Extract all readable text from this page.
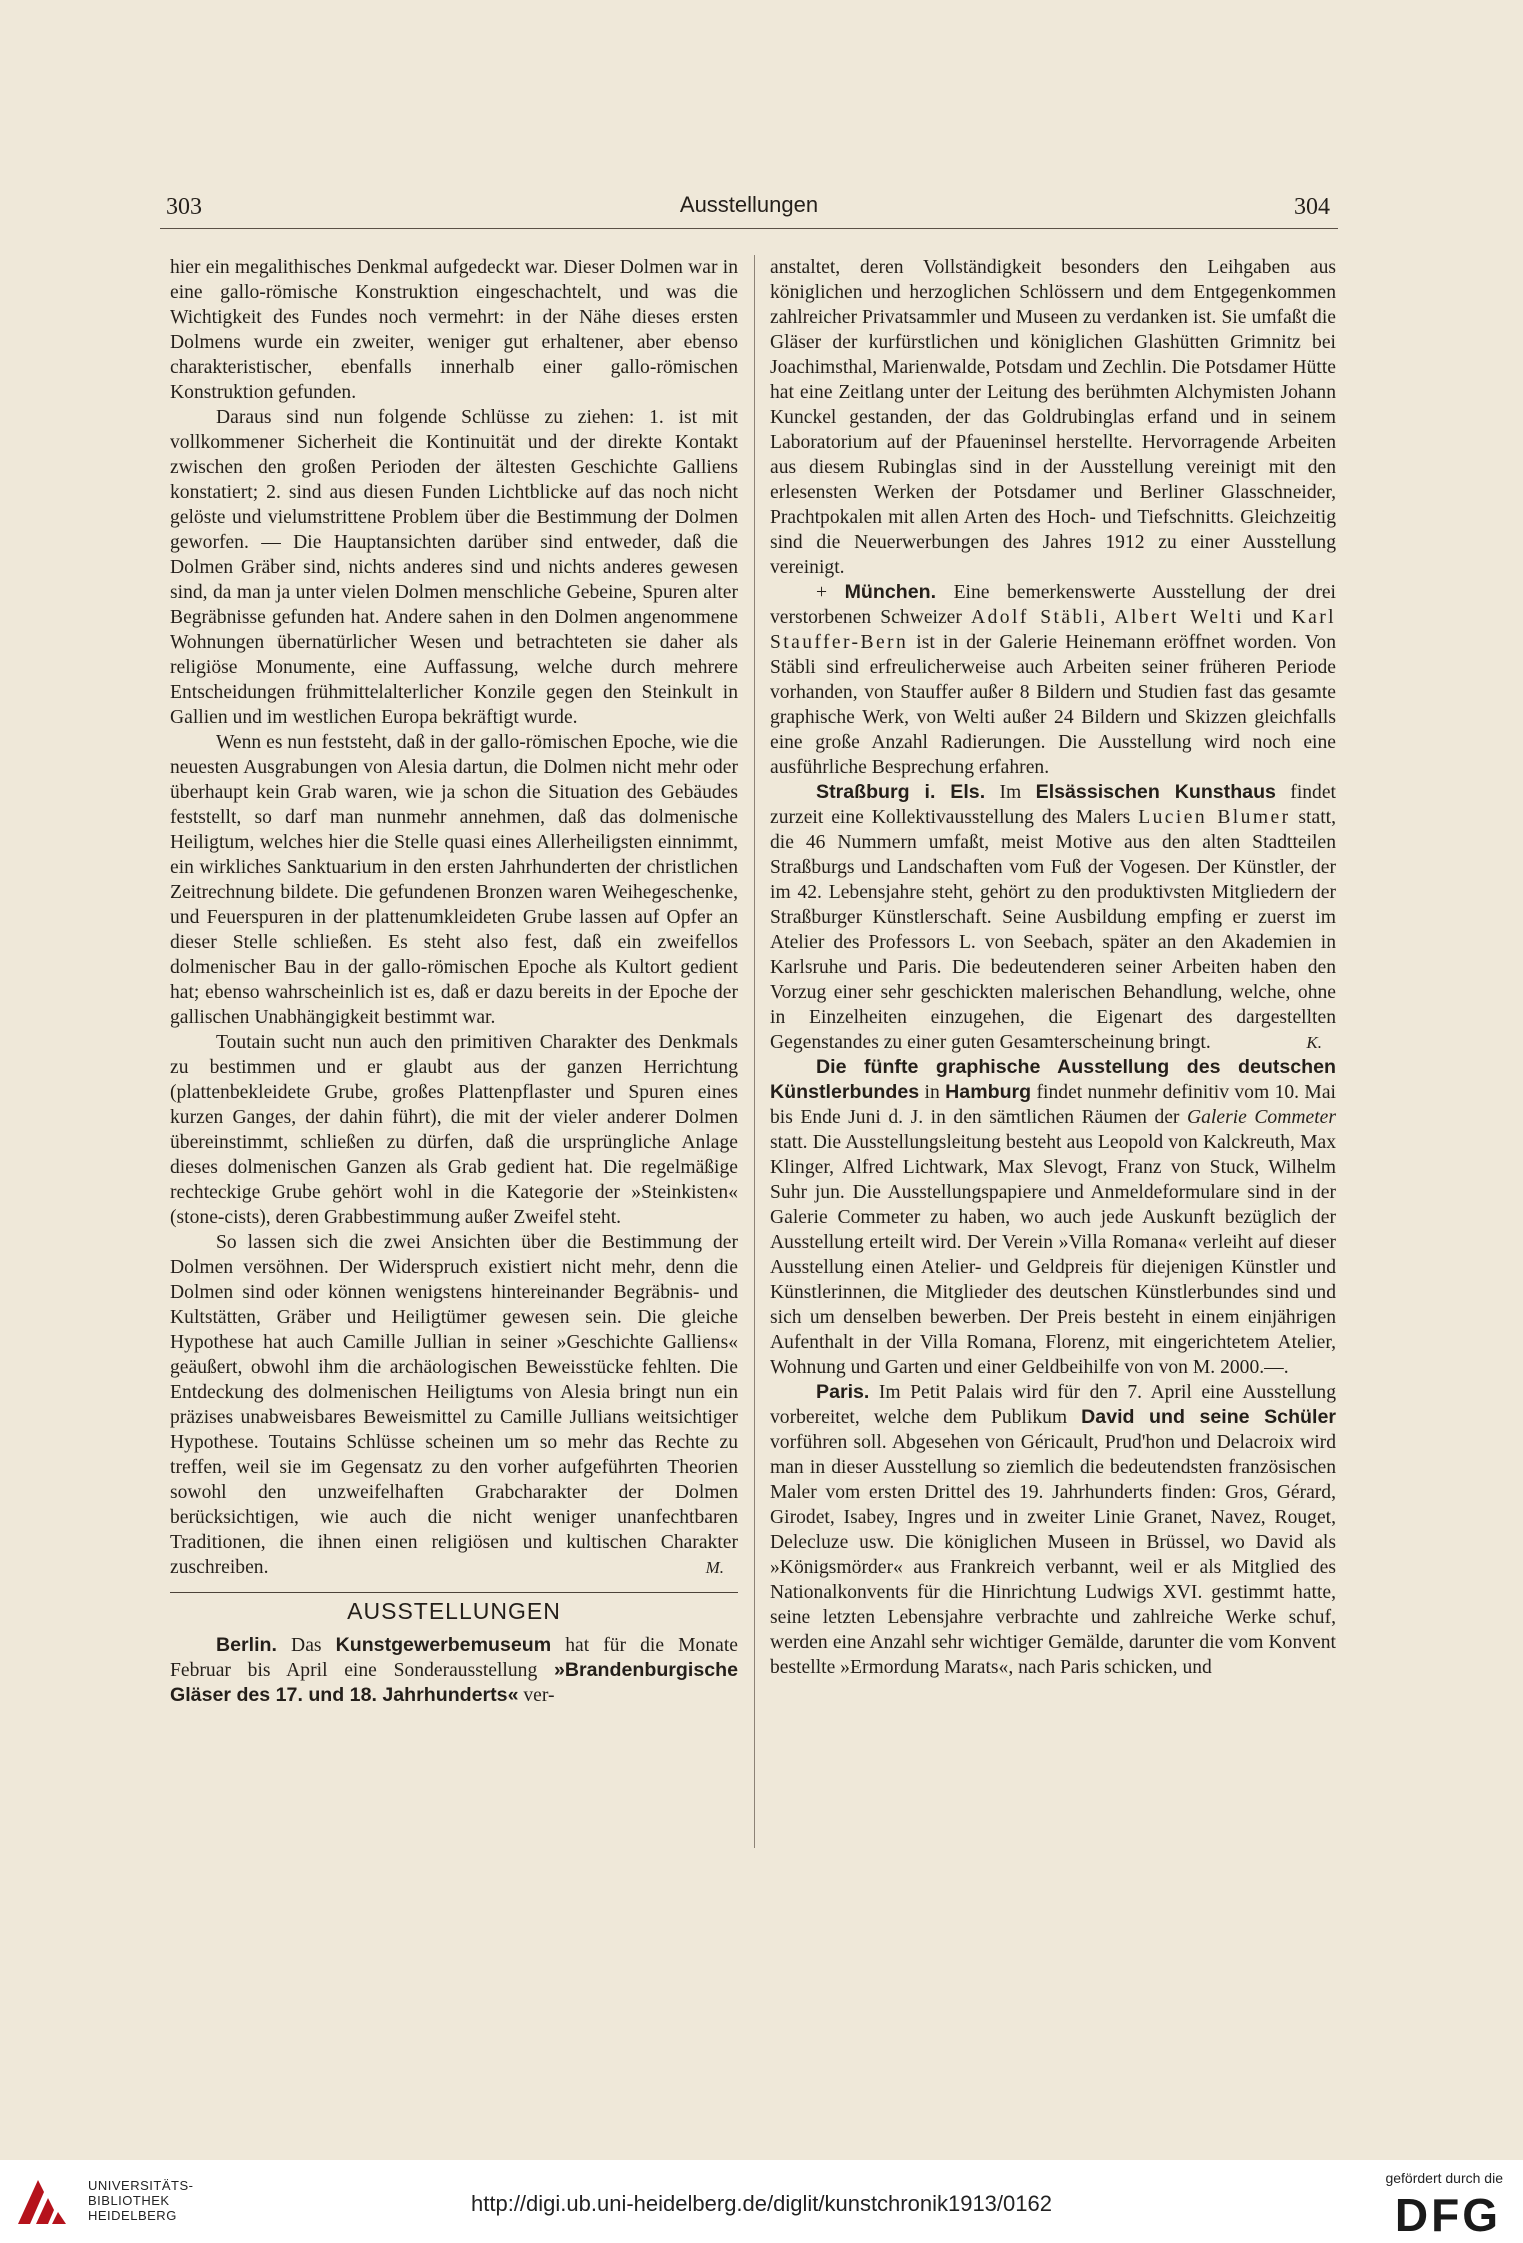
303	Ausstellungen	304

hier ein megalithisches Denkmal aufgedeckt war. Dieser Dolmen war in eine gallo-römische Konstruktion eingeschachtelt, und was die Wichtigkeit des Fundes noch vermehrt: in der Nähe dieses ersten Dolmens wurde ein zweiter, weniger gut erhaltener, aber ebenso charakteristischer, ebenfalls innerhalb einer gallo-römischen Konstruktion gefunden.

Daraus sind nun folgende Schlüsse zu ziehen: 1. ist mit vollkommener Sicherheit die Kontinuität und der direkte Kontakt zwischen den großen Perioden der ältesten Geschichte Galliens konstatiert; 2. sind aus diesen Funden Lichtblicke auf das noch nicht gelöste und vielumstrittene Problem über die Bestimmung der Dolmen geworfen. — Die Hauptansichten darüber sind entweder, daß die Dolmen Gräber sind, nichts anderes sind und nichts anderes gewesen sind, da man ja unter vielen Dolmen menschliche Gebeine, Spuren alter Begräbnisse gefunden hat. Andere sahen in den Dolmen angenommene Wohnungen übernatürlicher Wesen und betrachteten sie daher als religiöse Monumente, eine Auffassung, welche durch mehrere Entscheidungen frühmittelalterlicher Konzile gegen den Steinkult in Gallien und im westlichen Europa bekräftigt wurde.

Wenn es nun feststeht, daß in der gallo-römischen Epoche, wie die neuesten Ausgrabungen von Alesia dartun, die Dolmen nicht mehr oder überhaupt kein Grab waren, wie ja schon die Situation des Gebäudes feststellt, so darf man nunmehr annehmen, daß das dolmenische Heiligtum, welches hier die Stelle quasi eines Allerheiligsten einnimmt, ein wirkliches Sanktuarium in den ersten Jahrhunderten der christlichen Zeitrechnung bildete. Die gefundenen Bronzen waren Weihegeschenke, und Feuerspuren in der plattenumkleideten Grube lassen auf Opfer an dieser Stelle schließen. Es steht also fest, daß ein zweifellos dolmenischer Bau in der gallo-römischen Epoche als Kultort gedient hat; ebenso wahrscheinlich ist es, daß er dazu bereits in der Epoche der gallischen Unabhängigkeit bestimmt war.

Toutain sucht nun auch den primitiven Charakter des Denkmals zu bestimmen und er glaubt aus der ganzen Herrichtung (plattenbekleidete Grube, großes Plattenpflaster und Spuren eines kurzen Ganges, der dahin führt), die mit der vieler anderer Dolmen übereinstimmt, schließen zu dürfen, daß die ursprüngliche Anlage dieses dolmenischen Ganzen als Grab gedient hat. Die regelmäßige rechteckige Grube gehört wohl in die Kategorie der »Steinkisten« (stone-cists), deren Grabbestimmung außer Zweifel steht.

So lassen sich die zwei Ansichten über die Bestimmung der Dolmen versöhnen. Der Widerspruch existiert nicht mehr, denn die Dolmen sind oder können wenigstens hintereinander Begräbnis- und Kultstätten, Gräber und Heiligtümer gewesen sein. Die gleiche Hypothese hat auch Camille Jullian in seiner »Geschichte Galliens« geäußert, obwohl ihm die archäologischen Beweisstücke fehlten. Die Entdeckung des dolmenischen Heiligtums von Alesia bringt nun ein präzises unabweisbares Beweismittel zu Camille Jullians weitsichtiger Hypothese. Toutains Schlüsse scheinen um so mehr das Rechte zu treffen, weil sie im Gegensatz zu den vorher aufgeführten Theorien sowohl den unzweifelhaften Grabcharakter der Dolmen berücksichtigen, wie auch die nicht weniger unanfechtbaren Traditionen, die ihnen einen religiösen und kultischen Charakter zuschreiben.	M.
AUSSTELLUNGEN

Berlin. Das Kunstgewerbemuseum hat für die Monate Februar bis April eine Sonderausstellung »Brandenburgische Gläser des 17. und 18. Jahrhunderts« ver-

anstaltet, deren Vollständigkeit besonders den Leihgaben aus königlichen und herzoglichen Schlössern und dem Entgegenkommen zahlreicher Privatsammler und Museen zu verdanken ist. Sie umfaßt die Gläser der kurfürstlichen und königlichen Glashütten Grimnitz bei Joachimsthal, Marienwalde, Potsdam und Zechlin. Die Potsdamer Hütte hat eine Zeitlang unter der Leitung des berühmten Alchymisten Johann Kunckel gestanden, der das Goldrubinglas erfand und in seinem Laboratorium auf der Pfaueninsel herstellte. Hervorragende Arbeiten aus diesem Rubinglas sind in der Ausstellung vereinigt mit den erlesensten Werken der Potsdamer und Berliner Glasschneider, Prachtpokalen mit allen Arten des Hoch- und Tiefschnitts. Gleichzeitig sind die Neuerwerbungen des Jahres 1912 zu einer Ausstellung vereinigt.

+ München. Eine bemerkenswerte Ausstellung der drei verstorbenen Schweizer Adolf Stäbli, Albert Welti und Karl Stauffer-Bern ist in der Galerie Heinemann eröffnet worden. Von Stäbli sind erfreulicherweise auch Arbeiten seiner früheren Periode vorhanden, von Stauffer außer 8 Bildern und Studien fast das gesamte graphische Werk, von Welti außer 24 Bildern und Skizzen gleichfalls eine große Anzahl Radierungen. Die Ausstellung wird noch eine ausführliche Besprechung erfahren.

Straßburg i. Els. Im Elsässischen Kunsthaus findet zurzeit eine Kollektivausstellung des Malers Lucien Blumer statt, die 46 Nummern umfaßt, meist Motive aus den alten Stadtteilen Straßburgs und Landschaften vom Fuß der Vogesen. Der Künstler, der im 42. Lebensjahre steht, gehört zu den produktivsten Mitgliedern der Straßburger Künstlerschaft. Seine Ausbildung empfing er zuerst im Atelier des Professors L. von Seebach, später an den Akademien in Karlsruhe und Paris. Die bedeutenderen seiner Arbeiten haben den Vorzug einer sehr geschickten malerischen Behandlung, welche, ohne in Einzelheiten einzugehen, die Eigenart des dargestellten Gegenstandes zu einer guten Gesamterscheinung bringt.	K.

Die fünfte graphische Ausstellung des deutschen Künstlerbundes in Hamburg findet nunmehr definitiv vom 10. Mai bis Ende Juni d. J. in den sämtlichen Räumen der Galerie Commeter statt. Die Ausstellungsleitung besteht aus Leopold von Kalckreuth, Max Klinger, Alfred Lichtwark, Max Slevogt, Franz von Stuck, Wilhelm Suhr jun. Die Ausstellungspapiere und Anmeldeformulare sind in der Galerie Commeter zu haben, wo auch jede Auskunft bezüglich der Ausstellung erteilt wird. Der Verein »Villa Romana« verleiht auf dieser Ausstellung einen Atelier- und Geldpreis für diejenigen Künstler und Künstlerinnen, die Mitglieder des deutschen Künstlerbundes sind und sich um denselben bewerben. Der Preis besteht in einem einjährigen Aufenthalt in der Villa Romana, Florenz, mit eingerichtetem Atelier, Wohnung und Garten und einer Geldbeihilfe von von M. 2000.—.

Paris. Im Petit Palais wird für den 7. April eine Ausstellung vorbereitet, welche dem Publikum David und seine Schüler vorführen soll. Abgesehen von Géricault, Prud'hon und Delacroix wird man in dieser Ausstellung so ziemlich die bedeutendsten französischen Maler vom ersten Drittel des 19. Jahrhunderts finden: Gros, Gérard, Girodet, Isabey, Ingres und in zweiter Linie Granet, Navez, Rouget, Delecluze usw. Die königlichen Museen in Brüssel, wo David als »Königsmörder« aus Frankreich verbannt, weil er als Mitglied des Nationalkonvents für die Hinrichtung Ludwigs XVI. gestimmt hatte, seine letzten Lebensjahre verbrachte und zahlreiche Werke schuf, werden eine Anzahl sehr wichtiger Gemälde, darunter die vom Konvent bestellte »Ermordung Marats«, nach Paris schicken, und

UNIVERSITÄTS-
BIBLIOTHEK
HEIDELBERG	http://digi.ub.uni-heidelberg.de/diglit/kunstchronik1913/0162
gefördert durch die
DFG
